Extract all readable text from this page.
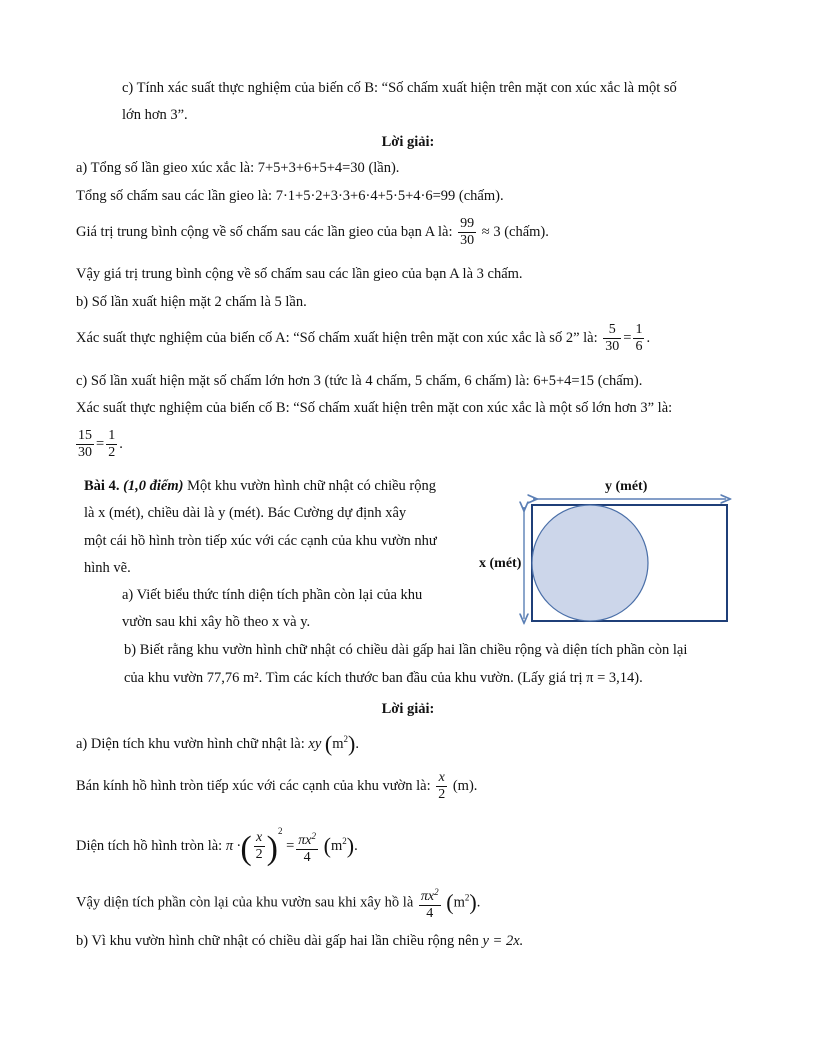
c) Tính xác suất thực nghiệm của biến cố B: “Số chấm xuất hiện trên mặt con xúc xắc là một số
lớn hơn 3”.
Lời giải:
a) Tổng số lần gieo xúc xắc là: 7+5+3+6+5+4=30 (lần).
Tổng số chấm sau các lần gieo là: 7·1+5·2+3·3+6·4+5·5+4·6=99 (chấm).
Giá trị trung bình cộng về số chấm sau các lần gieo của bạn A là: $\frac{99}{30} \approx 3$ (chấm).
Vậy giá trị trung bình cộng về số chấm sau các lần gieo của bạn A là 3 chấm.
b) Số lần xuất hiện mặt 2 chấm là 5 lần.
Xác suất thực nghiệm của biến cố A: “Số chấm xuất hiện trên mặt con xúc xắc là số 2” là: $\frac{5}{30} = \frac{1}{6}$ .
c) Số lần xuất hiện mặt số chấm lớn hơn 3 (tức là 4 chấm, 5 chấm, 6 chấm) là: 6+5+4=15 (chấm).
Xác suất thực nghiệm của biến cố B: “Số chấm xuất hiện trên mặt con xúc xắc là một số lớn hơn 3” là:
$\frac{15}{30} = \frac{1}{2}$ .
Bài 4. (1,0 điểm) Một khu vườn hình chữ nhật có chiều rộng
là x (mét), chiều dài là y (mét). Bác Cường dự định xây
một cái hồ hình tròn tiếp xúc với các cạnh của khu vườn như
hình vẽ.
a) Viết biểu thức tính diện tích phần còn lại của khu
vườn sau khi xây hồ theo x và y.
b) Biết rằng khu vườn hình chữ nhật có chiều dài gấp hai lần chiều rộng và diện tích phần còn lại
của khu vườn 77,76 m². Tìm các kích thước ban đầu của khu vườn. (Lấy giá trị π = 3,14).
y (mét)
x (mét)
Lời giải:
a) Diện tích khu vườn hình chữ nhật là: xy $(m^2)$.
Bán kính hồ hình tròn tiếp xúc với các cạnh của khu vườn là: $\frac{x}{2} (m)$.
Diện tích hồ hình tròn là: π ·( $\frac{x}{2} )^2 = \frac{\pi x^2}{4} (m^2)$.
Vậy diện tích phần còn lại của khu vườn sau khi xây hồ là $\frac{\pi x^2}{4} (m^2)$.
b) Vì khu vườn hình chữ nhật có chiều dài gấp hai lần chiều rộng nên y = 2x.
